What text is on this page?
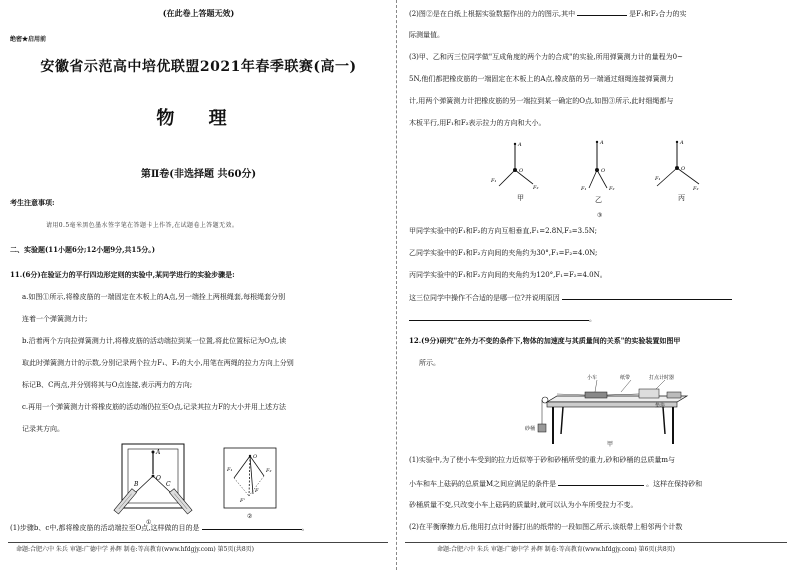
(在此卷上答题无效)
绝密★启用前
安徽省示范高中培优联盟2021年春季联赛(高一)
物 理
第Ⅱ卷(非选择题 共60分)
考生注意事项:
请用0.5毫米黑色墨水签字笔在答题卡上作答,在试题卷上答题无效。
二、实验题(11小题6分;12小题9分,共15分。)
11.(6分)在验证力的平行四边形定则的实验中,某同学进行的实验步骤是:
a.如图①所示,将橡皮筋的一端固定在木板上的A点,另一端拴上两根绳套,每根绳套分别
连着一个弹簧测力计;
b.沿着两个方向拉弹簧测力计,将橡皮筋的活动端拉到某一位置,将此位置标记为O点,读
取此时弹簧测力计的示数,分别记录两个拉力F₁、F₂的大小,用笔在两绳的拉力方向上分别
标记B、C两点,并分别将其与O点连接,表示两力的方向;
c.再用一个弹簧测力计将橡皮筋的活动端仍拉至O点,记录其拉力F的大小并用上述方法
记录其方向。
A
O
B	C
①
O
F₁	F₂
F
F'
②
(1)步骤b、c中,都将橡皮筋的活动端拉至O点,这样做的目的是	。
命题:合肥六中 朱兵 审题:广德中学 孙辉 制卷:等高教育(www.hfdgjy.com) 第5页(共8页)
(2)图②是在白纸上根据实验数据作出的力的图示,其中	是F₁和F₂合力的实
际测量值。
(3)甲、乙和丙三位同学做"互成角度的两个力的合成"的实验,所用弹簧测力计的量程为0~
5N,他们都把橡皮筋的一端固定在木板上的A点,橡皮筋的另一端通过细绳连接弹簧测力
计,用两个弹簧测力计把橡皮筋的另一端拉到某一确定的O点,如图③所示,此时细绳都与
木板平行,用F₁和F₂表示拉力的方向和大小。
A
O
F₁
F₂
A
O
F₁	F₂
A
O
F₁
F₂
甲	乙	丙
③
甲同学实验中的F₁和F₂的方向互相垂直,F₁=2.8N,F₂=3.5N;
乙同学实验中的F₁和F₂方向间的夹角约为30°,F₁=F₂=4.0N;
丙同学实验中的F₁和F₂方向间的夹角约为120°,F₁=F₂=4.0N。
这三位同学中操作不合适的是哪一位?并说明原因
。
12.(9分)研究"在外力不变的条件下,物体的加速度与其质量间的关系"的实验装置如图甲
所示。
小车	纸带	打点计时器
垫块
砂桶
甲
(1)实验中,为了使小车受到的拉力近似等于砂和砂桶所受的重力,砂和砂桶的总质量m与
小车和车上砝码的总质量M之间应满足的条件是	。这样在保持砂和
砂桶质量不变,只改变小车上砝码的质量时,就可以认为小车所受拉力不变。
(2)在平衡摩擦力后,他用打点计时器打出的纸带的一段如图乙所示,该纸带上相邻两个计数
命题:合肥六中 朱兵 审题:广德中学 孙辉 制卷:等高教育(www.hfdgjy.com) 第6页(共8页)
